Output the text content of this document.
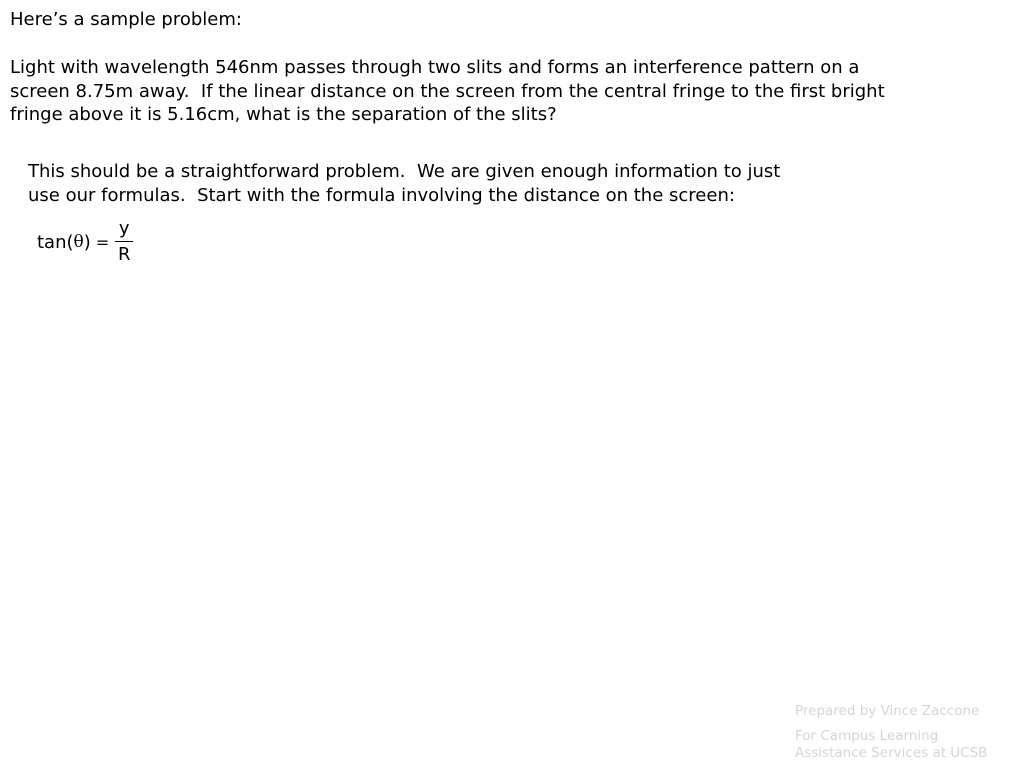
Here’s a sample problem:
Light with wavelength 546nm passes through two slits and forms an interference pattern on a
screen 8.75m away.  If the linear distance on the screen from the central fringe to the first bright
fringe above it is 5.16cm, what is the separation of the slits?
This should be a straightforward problem.  We are given enough information to just
use our formulas.  Start with the formula involving the distance on the screen:
tan( θ ) = $\frac{y}{R}$
Prepared by Vince Zaccone
For Campus Learning
Assistance Services at UCSB
